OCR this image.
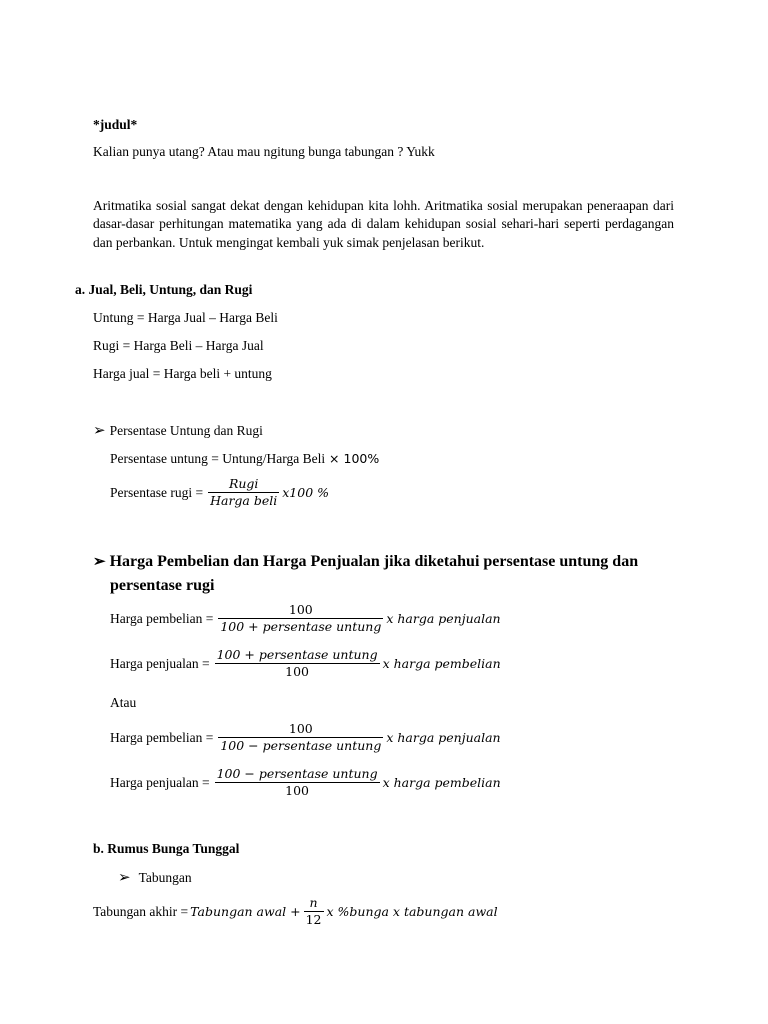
*judul*
Kalian punya utang? Atau mau ngitung bunga tabungan ? Yukk
Aritmatika sosial sangat dekat dengan kehidupan kita lohh. Aritmatika sosial merupakan peneraapan dari dasar-dasar perhitungan matematika yang ada di dalam kehidupan sosial sehari-hari seperti perdagangan dan perbankan. Untuk mengingat kembali yuk simak penjelasan berikut.
a. Jual, Beli, Untung, dan Rugi
Untung = Harga Jual – Harga Beli
Rugi = Harga Beli – Harga Jual
Harga jual = Harga beli + untung
➢ Persentase Untung dan Rugi
Persentase untung = Untung/Harga Beli × 100%
Persentase rugi = $\frac{\text{Rugi}}{\text{Harga beli}} x100$ %
➢ Harga Pembelian dan Harga Penjualan jika diketahui persentase untung dan
persentase rugi
Harga pembelian = $\frac{100}{\text{100 + persentase untung}}$ x harga penjualan
Harga penjualan = $\frac{\text{100 + persentase untung}}{100}$ x harga pembelian
Atau
Harga pembelian = $\frac{100}{\text{100 − persentase untung}}$ x harga penjualan
Harga penjualan = $\frac{\text{100 − persentase untung}}{100}$ x harga pembelian
b. Rumus Bunga Tunggal
➢ Tabungan
Tabungan akhir = Tabungan awal + $\frac{n}{12}$ x %bunga x tabungan awal
